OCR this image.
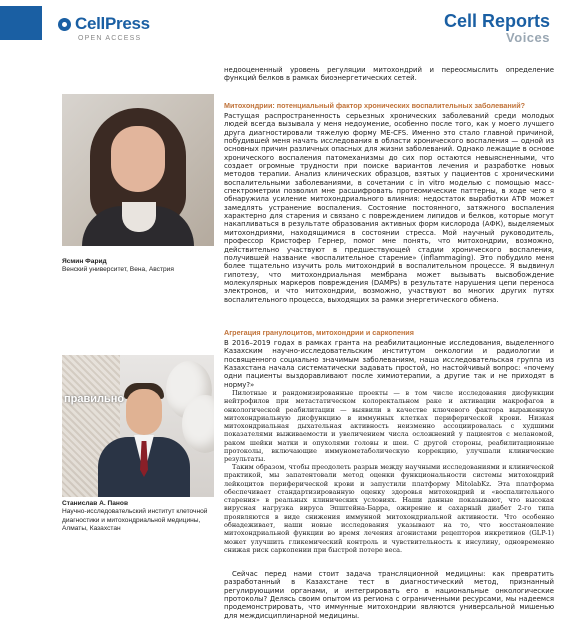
CellPress
OPEN ACCESS
Cell Reports
Voices

недооцененный уровень регуляции митохондрий и переосмыслить определение функций белков в рамках биоэнергетических сетей.

Митохондрии: потенциальный фактор хронических воспалительных заболеваний?

Растущая распространенность серьезных хронических заболеваний среди молодых людей всегда вызывала у меня недоумение, особенно после того, как у моего лучшего друга диагностировали тяжелую форму ME-CFS. Именно это стало главной причиной, побудившей меня начать исследования в области хронического воспаления — одной из основных причин различных опасных для жизни заболеваний. Однако лежащие в основе хронического воспаления патомеханизмы до сих пор остаются невыясненными, что создает огромные трудности при поиске вариантов лечения и разработке новых методов терапии. Анализ клинических образцов, взятых у пациентов с хроническими воспалительными заболеваниями, в сочетании с in vitro моделью с помощью масс-спектрометрии позволил мне расшифровать протеомические паттерны, в ходе чего я обнаружила усиление митохондриального влияния: недостаток выработки АТФ может замедлять устранение воспаления. Состояние постоянного, затяжного воспаления характерно для старения и связано с повреждением липидов и белков, которые могут накапливаться в результате образования активных форм кислорода (АФК), выделяемых митохондриями, находящимися в состоянии стресса. Мой научный руководитель, профессор Кристофер Гернер, помог мне понять, что митохондрии, возможно, действительно участвуют в предшествующей стадии хронического воспаления, получившей название «воспалительное старение» (inflammaging). Это побудило меня более тщательно изучить роль митохондрий в воспалительном процессе. Я выдвинул гипотезу, что митохондриальная мембрана может вызывать высвобождение молекулярных маркеров повреждения (DAMPs) в результате нарушения цепи переноса электронов, и что митохондрии, возможно, участвуют во многих других путях воспалительного процесса, выходящих за рамки энергетического обмена.

Ясмин Фарид
Венский университет, Вена, Австрия
Агрегация гранулоцитов, митохондрии и саркопения

В 2016–2019 годах в рамках гранта на реабилитационные исследования, выделенного Казахским научно-исследовательским институтом онкологии и радиологии и посвященного социально значимым заболеваниям, наша исследовательская группа из Казахстана начала систематически задавать простой, но настойчивый вопрос: «почему одни пациенты выздоравливают после химиотерапии, а другие так и не приходят в норму?»

Пилотные и рандомизированные проекты — в том числе исследования дисфункции нейтрофилов при метастатическом колоректальном раке и активации макрофагов в онкологической реабилитации — выявили в качестве ключевого фактора выраженную митохондриальную дисфункцию в иммунных клетках периферической крови. Низкая митохондриальная дыхательная активность неизменно ассоциировалась с худшими показателями выживаемости и увеличением числа осложнений у пациентов с меланомой, раком шейки матки и опухолями головы и шеи. С другой стороны, реабилитационные протоколы, включающие иммунометаболическую коррекцию, улучшали клинические результаты.

Таким образом, чтобы преодолеть разрыв между научными исследованиями и клинической практикой, мы запатентовали метод оценки функциональности системы митохондрий лейкоцитов периферической крови и запустили платформу MitolabKz. Эта платформа обеспечивает стандартизированную оценку здоровья митохондрий и «воспалительного старения» в реальных клинических условиях. Наши данные показывают, что высокая вирусная нагрузка вируса Эпштейна-Барра, ожирение и сахарный диабет 2-го типа проявляются в виде снижения иммунной митохондриальной активности. Что особенно обнадеживает, наши новые исследования указывают на то, что восстановление митохондриальной функции во время лечения агонистами рецепторов инкретинов (GLP-1) может улучшить гликемический контроль и чувствительность к инсулину, одновременно снижая риск саркопении при быстрой потере веса.

Сейчас перед нами стоит задача трансляционной медицины: как превратить разработанный в Казахстане тест в диагностический метод, признанный регулирующими органами, и интегрировать его в национальные онкологические протоколы? Делясь своим опытом из региона с ограниченными ресурсами, мы надеемся продемонстрировать, что иммунные митохондрии являются универсальной мишенью для междисциплинарной медицины.

правильно
Станислав А. Панов
Научно-исследовательский институт клеточной диагностики и митохондриальной медицины, Алматы, Казахстан
